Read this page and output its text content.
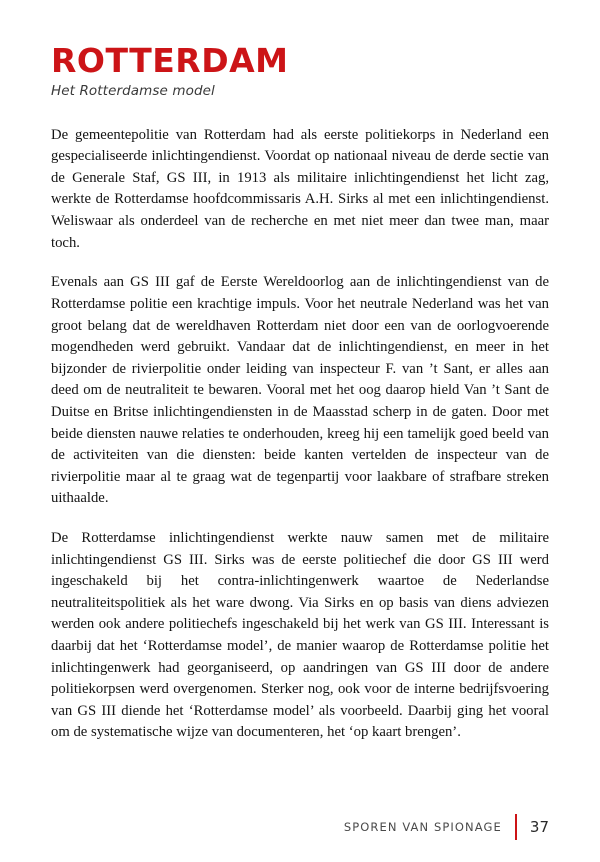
ROTTERDAM
Het Rotterdamse model

De gemeentepolitie van Rotterdam had als eerste politiekorps in Nederland een gespecialiseerde inlichtingendienst. Voordat op nationaal niveau de derde sectie van de Generale Staf, GS III, in 1913 als militaire inlichtingendienst het licht zag, werkte de Rotterdamse hoofdcommissaris A.H. Sirks al met een inlichtingendienst. Weliswaar als onderdeel van de recherche en met niet meer dan twee man, maar toch.

Evenals aan GS III gaf de Eerste Wereldoorlog aan de inlichtingendienst van de Rotterdamse politie een krachtige impuls. Voor het neutrale Nederland was het van groot belang dat de wereldhaven Rotterdam niet door een van de oorlogvoerende mogendheden werd gebruikt. Vandaar dat de inlichtingendienst, en meer in het bijzonder de rivierpolitie onder leiding van inspecteur F. van ’t Sant, er alles aan deed om de neutraliteit te bewaren. Vooral met het oog daarop hield Van ’t Sant de Duitse en Britse inlichtingendiensten in de Maasstad scherp in de gaten. Door met beide diensten nauwe relaties te onderhouden, kreeg hij een tamelijk goed beeld van de activiteiten van die diensten: beide kanten vertelden de inspecteur van de rivierpolitie maar al te graag wat de tegenpartij voor laakbare of strafbare streken uithaalde.

De Rotterdamse inlichtingendienst werkte nauw samen met de militaire inlichtingendienst GS III. Sirks was de eerste politiechef die door GS III werd ingeschakeld bij het contra-inlichtingenwerk waartoe de Nederlandse neutraliteitspolitiek als het ware dwong. Via Sirks en op basis van diens adviezen werden ook andere politiechefs ingeschakeld bij het werk van GS III. Interessant is daarbij dat het ‘Rotterdamse model’, de manier waarop de Rotterdamse politie het inlichtingenwerk had georganiseerd, op aandringen van GS III door de andere politiekorpsen werd overgenomen. Sterker nog, ook voor de interne bedrijfsvoering van GS III diende het ‘Rotterdamse model’ als voorbeeld. Daarbij ging het vooral om de systematische wijze van documenteren, het ‘op kaart brengen’.

SPOREN VAN SPIONAGE 37
